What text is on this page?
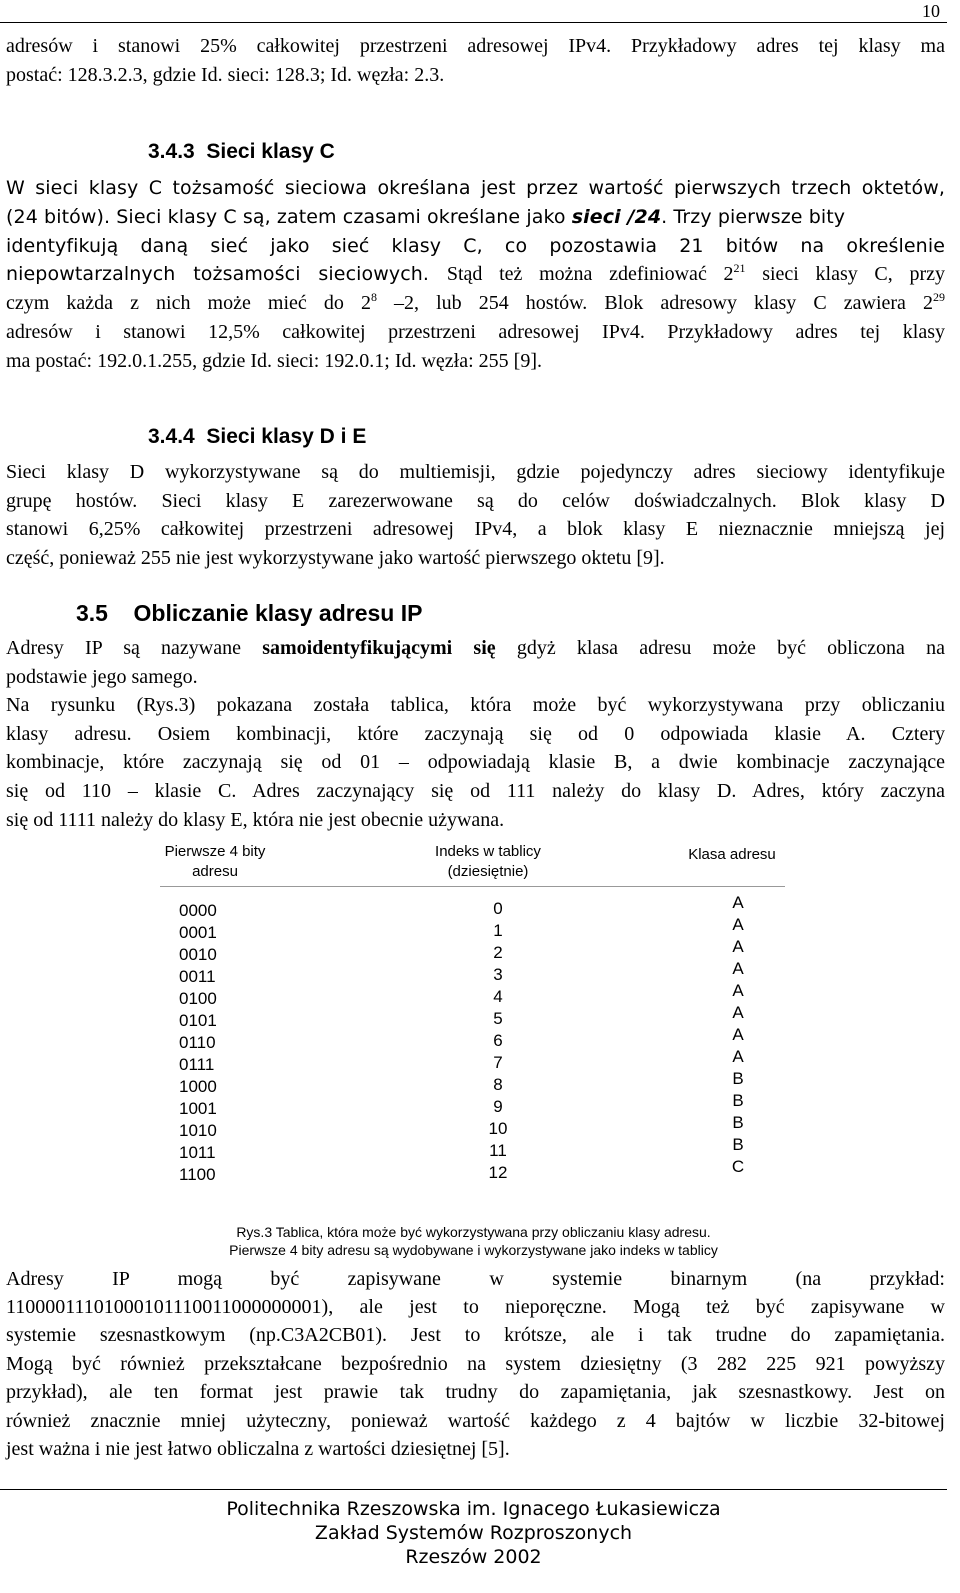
10
adresów i stanowi 25% całkowitej przestrzeni adresowej IPv4. Przykładowy adres tej klasy ma
postać: 128.3.2.3, gdzie Id. sieci: 128.3; Id. węzła: 2.3.
3.4.3 Sieci klasy C
W sieci klasy C tożsamość sieciowa określana jest przez wartość pierwszych trzech oktetów,
(24 bitów). Sieci klasy C są, zatem czasami określane jako sieci /24. Trzy pierwsze bity
identyfikują daną sieć jako sieć klasy C, co pozostawia 21 bitów na określenie
niepowtarzalnych tożsamości sieciowych. Stąd też można zdefiniować $2^{21}$ sieci klasy C, przy
czym każda z nich może mieć do $2^8$ –2, lub 254 hostów. Blok adresowy klasy C zawiera $2^{29}$
adresów i stanowi 12,5% całkowitej przestrzeni adresowej IPv4. Przykładowy adres tej klasy
ma postać: 192.0.1.255, gdzie Id. sieci: 192.0.1; Id. węzła: 255 [9].
3.4.4 Sieci klasy D i E
Sieci klasy D wykorzystywane są do multiemisji, gdzie pojedynczy adres sieciowy identyfikuje
grupę hostów. Sieci klasy E zarezerwowane są do celów doświadczalnych. Blok klasy D
stanowi 6,25% całkowitej przestrzeni adresowej IPv4, a blok klasy E nieznacznie mniejszą jej
część, ponieważ 255 nie jest wykorzystywane jako wartość pierwszego oktetu [9].
3.5 Obliczanie klasy adresu IP
Adresy IP są nazywane samoidentyfikującymi się gdyż klasa adresu może być obliczona na
podstawie jego samego.
Na rysunku (Rys.3) pokazana została tablica, która może być wykorzystywana przy obliczaniu
klasy adresu. Osiem kombinacji, które zaczynają się od 0 odpowiada klasie A. Cztery
kombinacje, które zaczynają się od 01 – odpowiadają klasie B, a dwie kombinacje zaczynające
się od 110 – klasie C. Adres zaczynający się od 111 należy do klasy D. Adres, który zaczyna
się od 1111 należy do klasy E, która nie jest obecnie używana.
Pierwsze 4 bity
adresu
Indeks w tablicy
(dziesiętnie)
Klasa adresu
0000
0001
0010
0011
0100
0101
0110
0111
1000
1001
1010
1011
1100
0
1
2
3
4
5
6
7
8
9
10
11
12
A
A
A
A
A
A
A
A
B
B
B
B
C
Rys.3 Tablica, która może być wykorzystywana przy obliczaniu klasy adresu.
Pierwsze 4 bity adresu są wydobywane i wykorzystywane jako indeks w tablicy
Adresy IP mogą być zapisywane w systemie binarnym (na przykład:
11000011101000101110011000000001), ale jest to nieporęczne. Mogą też być zapisywane w
systemie szesnastkowym (np.C3A2CB01). Jest to krótsze, ale i tak trudne do zapamiętania.
Mogą być również przekształcane bezpośrednio na system dziesiętny (3 282 225 921 powyższy
przykład), ale ten format jest prawie tak trudny do zapamiętania, jak szesnastkowy. Jest on
również znacznie mniej użyteczny, ponieważ wartość każdego z 4 bajtów w liczbie 32-bitowej
jest ważna i nie jest łatwo obliczalna z wartości dziesiętnej [5].
Politechnika Rzeszowska im. Ignacego Łukasiewicza
Zakład Systemów Rozproszonych
Rzeszów 2002
